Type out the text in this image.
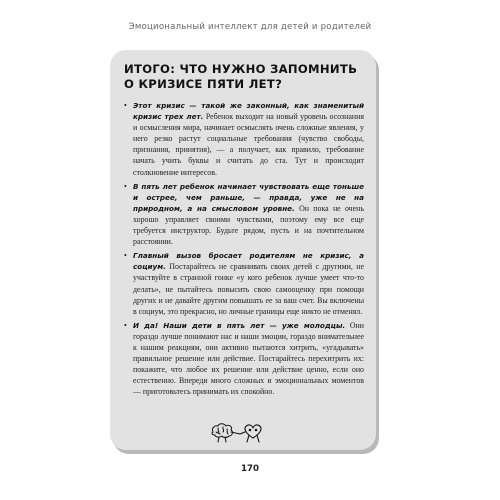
Эмоциональный интеллект для детей и родителей
ИТОГО: ЧТО НУЖНО ЗАПОМНИТЬ О КРИЗИСЕ ПЯТИ ЛЕТ?
• Этот кризис — такой же законный, как знаменитый кризис трех лет. Ребенок выходит на новый уровень осознания и осмысления мира, начинает осмыслять очень сложные явления, у него резко растут социальные требования (чувство свободы, признания, принятия), — а получает, как правило, требование начать учить буквы и считать до ста. Тут и происходит столкновение интересов.
• В пять лет ребенок начинает чувствовать еще тоньше и острее, чем раньше, — правда, уже не на природном, а на смысловом уровне. Он пока не очень хорошо управляет своими чувствами, поэтому ему все еще требуется инструктор. Будьте рядом, пусть и на почтительном расстоянии.
• Главный вызов бросает родителям не кризис, а социум. Постарайтесь не сравнивать своих детей с другими, не участвуйте в странной гонке «у кого ребенок лучше умеет что-то делать», не пытайтесь повысить свою самооценку при помощи других и не давайте другим повышать ее за ваш счет. Вы включены в социум, это прекрасно, но личные границы еще никто не отменял.
• И да! Наши дети в пять лет — уже молодцы. Они гораздо лучше понимают нас и наши эмоции, гораздо внимательнее к нашим реакциям, они активно пытаются хитрить, «угадывать» правильное решение или действие. Постарайтесь перехитрить их: покажите, что любое их решение или действие ценно, если оно естественно. Впереди много сложных и эмоциональных моментов — приготовьтесь принимать их спокойно.
170
